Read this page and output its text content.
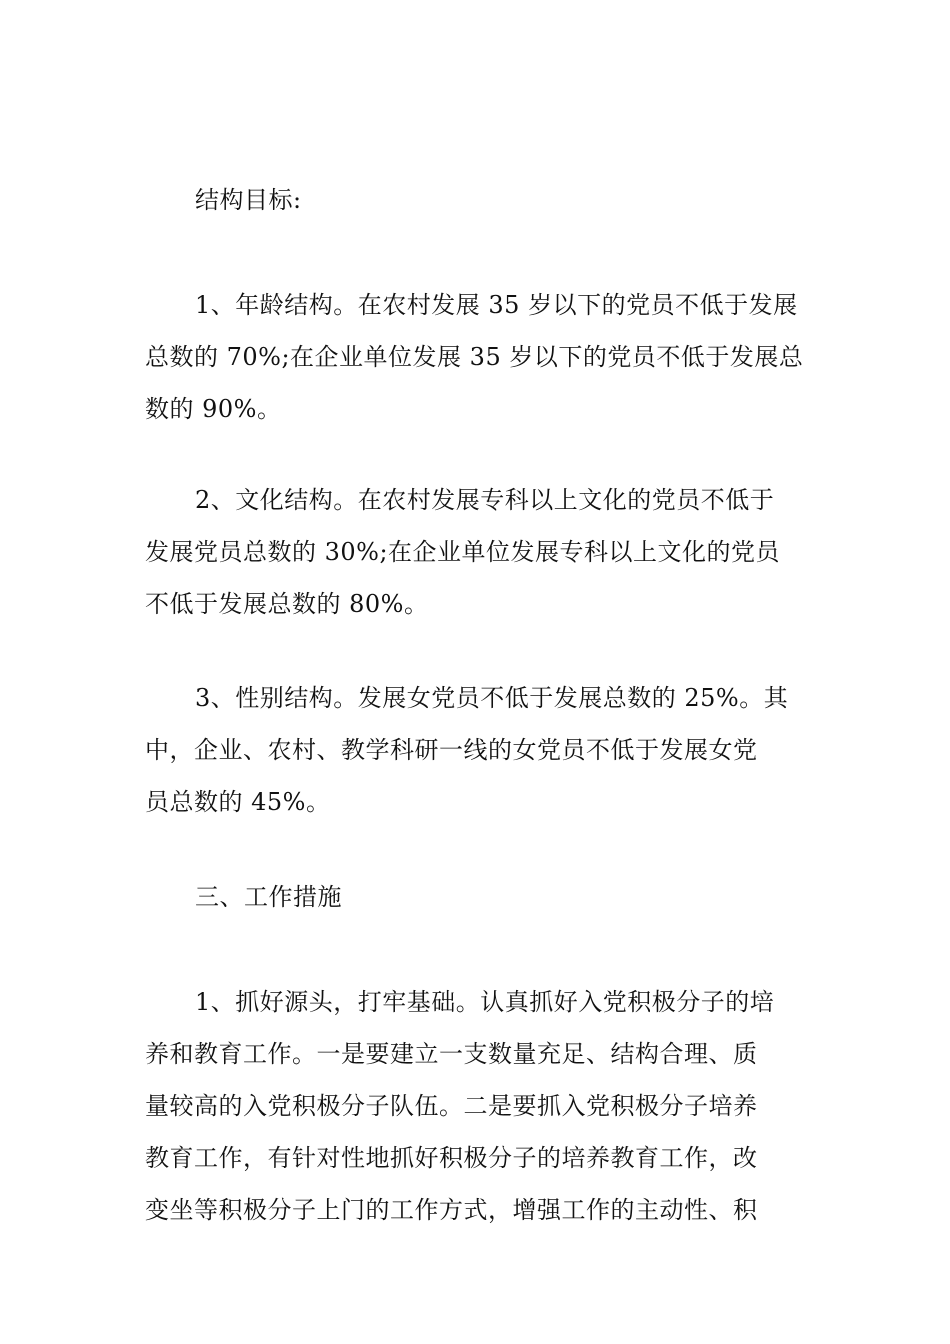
结构目标:
1、年龄结构。在农村发展 35 岁以下的党员不低于发展
总数的 70%;在企业单位发展 35 岁以下的党员不低于发展总
数的 90%。
2、文化结构。在农村发展专科以上文化的党员不低于
发展党员总数的 30%;在企业单位发展专科以上文化的党员
不低于发展总数的 80%。
3、性别结构。发展女党员不低于发展总数的 25%。其
中，企业、农村、教学科研一线的女党员不低于发展女党
员总数的 45%。
三、工作措施
1、抓好源头，打牢基础。认真抓好入党积极分子的培
养和教育工作。一是要建立一支数量充足、结构合理、质
量较高的入党积极分子队伍。二是要抓入党积极分子培养
教育工作，有针对性地抓好积极分子的培养教育工作，改
变坐等积极分子上门的工作方式，增强工作的主动性、积
